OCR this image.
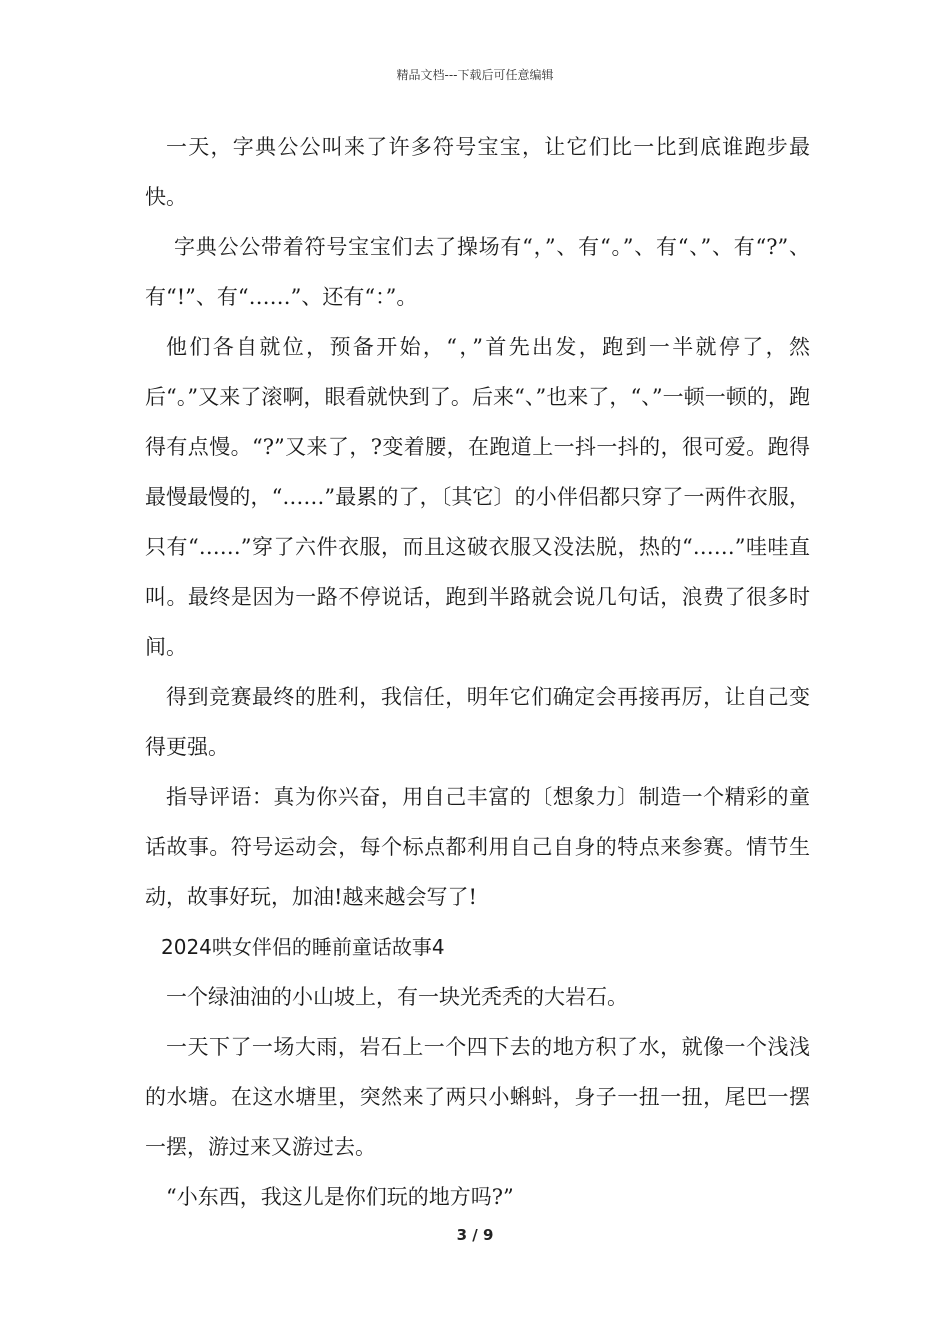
精品文档---下载后可任意编辑

一天，字典公公叫来了许多符号宝宝，让它们比一比到底谁跑步最快。

字典公公带着符号宝宝们去了操场有“，”、有“。”、有“、”、有“?”、有“!”、有“……”、还有“：”。

他们各自就位，预备开始，“，”首先出发，跑到一半就停了，然后“。”又来了滚啊，眼看就快到了。后来“、”也来了，“、”一顿一顿的，跑得有点慢。“?”又来了，?变着腰，在跑道上一抖一抖的，很可爱。跑得最慢最慢的，“……”最累的了，〔其它〕的小伴侣都只穿了一两件衣服，只有“……”穿了六件衣服，而且这破衣服又没法脱，热的“……”哇哇直叫。最终是因为一路不停说话，跑到半路就会说几句话，浪费了很多时间。

得到竞赛最终的胜利，我信任，明年它们确定会再接再厉，让自己变得更强。

指导评语：真为你兴奋，用自己丰富的〔想象力〕制造一个精彩的童话故事。符号运动会，每个标点都利用自己自身的特点来参赛。情节生动，故事好玩，加油!越来越会写了!

2024哄女伴侣的睡前童话故事4

一个绿油油的小山坡上，有一块光秃秃的大岩石。

一天下了一场大雨，岩石上一个四下去的地方积了水，就像一个浅浅的水塘。在这水塘里，突然来了两只小蝌蚪，身子一扭一扭，尾巴一摆一摆，游过来又游过去。

“小东西，我这儿是你们玩的地方吗?”

3 / 9
